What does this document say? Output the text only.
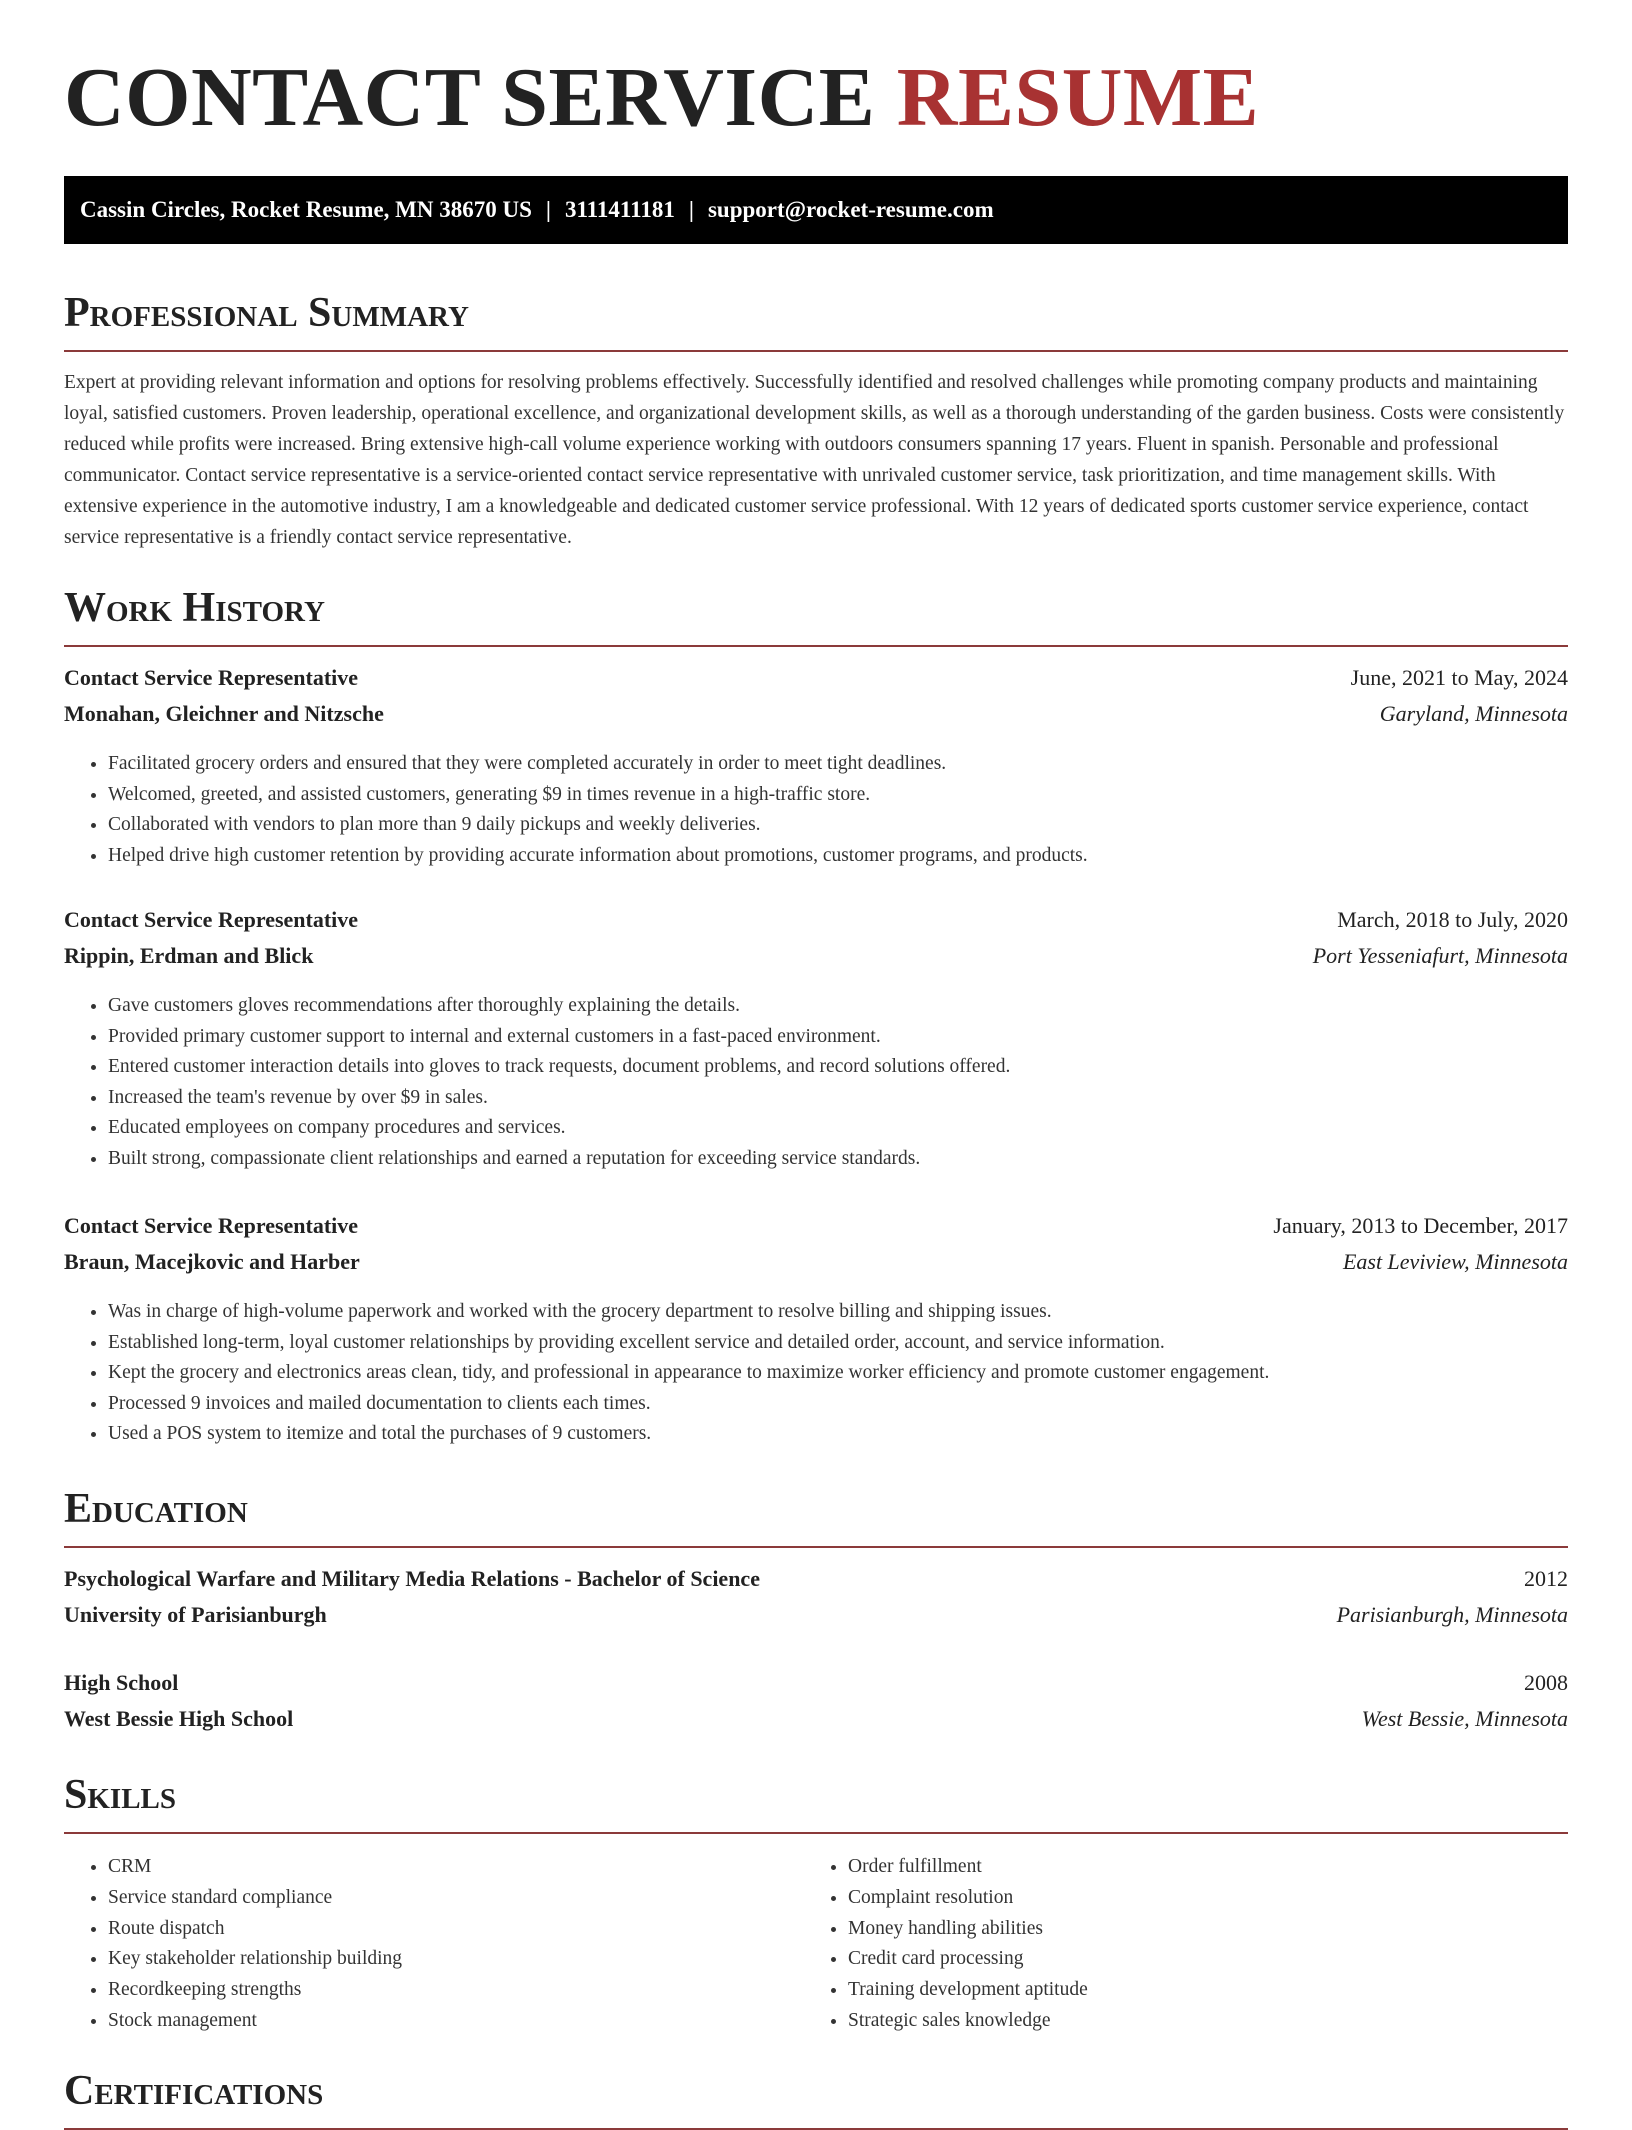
CONTACT SERVICE RESUME
Cassin Circles, Rocket Resume, MN 38670 US | 3111411181 | support@rocket-resume.com
Professional Summary

Expert at providing relevant information and options for resolving problems effectively. Successfully identified and resolved challenges while promoting company products and maintaining loyal, satisfied customers. Proven leadership, operational excellence, and organizational development skills, as well as a thorough understanding of the garden business. Costs were consistently reduced while profits were increased. Bring extensive high-call volume experience working with outdoors consumers spanning 17 years. Fluent in spanish. Personable and professional communicator. Contact service representative is a service-oriented contact service representative with unrivaled customer service, task prioritization, and time management skills. With extensive experience in the automotive industry, I am a knowledgeable and dedicated customer service professional. With 12 years of dedicated sports customer service experience, contact service representative is a friendly contact service representative.

Work History
Contact Service Representative	June, 2021 to May, 2024
Monahan, Gleichner and Nitzsche	Garyland, Minnesota
• Facilitated grocery orders and ensured that they were completed accurately in order to meet tight deadlines.
• Welcomed, greeted, and assisted customers, generating $9 in times revenue in a high-traffic store.
• Collaborated with vendors to plan more than 9 daily pickups and weekly deliveries.
• Helped drive high customer retention by providing accurate information about promotions, customer programs, and products.
Contact Service Representative	March, 2018 to July, 2020
Rippin, Erdman and Blick	Port Yesseniafurt, Minnesota
• Gave customers gloves recommendations after thoroughly explaining the details.
• Provided primary customer support to internal and external customers in a fast-paced environment.
• Entered customer interaction details into gloves to track requests, document problems, and record solutions offered.
• Increased the team's revenue by over $9 in sales.
• Educated employees on company procedures and services.
• Built strong, compassionate client relationships and earned a reputation for exceeding service standards.
Contact Service Representative	January, 2013 to December, 2017
Braun, Macejkovic and Harber	East Leviview, Minnesota
• Was in charge of high-volume paperwork and worked with the grocery department to resolve billing and shipping issues.
• Established long-term, loyal customer relationships by providing excellent service and detailed order, account, and service information.
• Kept the grocery and electronics areas clean, tidy, and professional in appearance to maximize worker efficiency and promote customer engagement.
• Processed 9 invoices and mailed documentation to clients each times.
• Used a POS system to itemize and total the purchases of 9 customers.
Education
Psychological Warfare and Military Media Relations - Bachelor of Science	2012
University of Parisianburgh	Parisianburgh, Minnesota
High School	2008
West Bessie High School	West Bessie, Minnesota
Skills
• CRM
• Service standard compliance
• Route dispatch
• Key stakeholder relationship building
• Recordkeeping strengths
• Stock management
• Order fulfillment
• Complaint resolution
• Money handling abilities
• Credit card processing
• Training development aptitude
• Strategic sales knowledge
Certifications
